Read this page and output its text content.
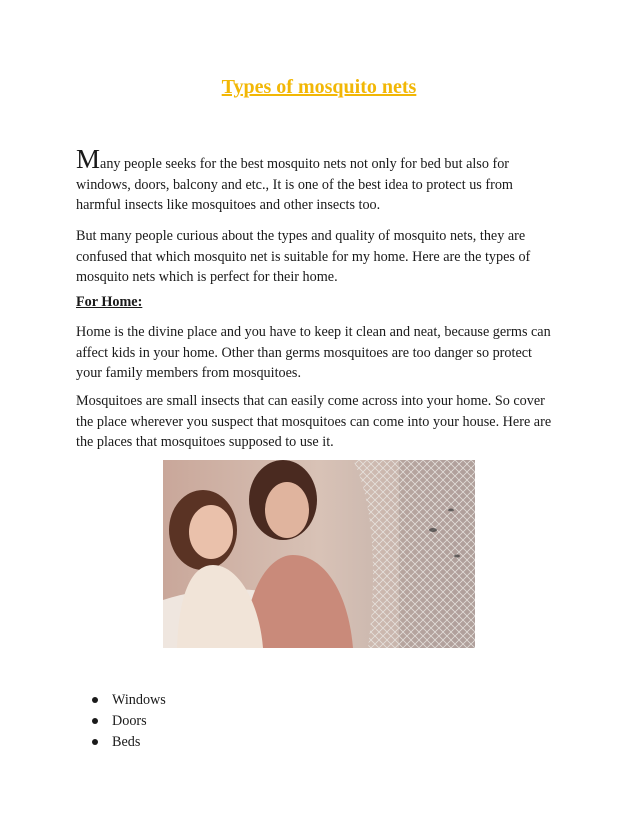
Types of mosquito nets
Many people seeks for the best mosquito nets not only for bed but also for windows, doors, balcony and etc., It is one of the best idea to protect us from harmful insects like mosquitoes and other insects too.
But many people curious about the types and quality of mosquito nets, they are confused that which mosquito net is suitable for my home. Here are the types of mosquito nets which is perfect for their home.
For Home:
Home is the divine place and you have to keep it clean and neat, because germs can affect kids in your home. Other than germs mosquitoes are too danger so protect your family members from mosquitoes.
Mosquitoes are small insects that can easily come across into your home. So cover the place wherever you suspect that mosquitoes can come into your house. Here are the places that mosquitoes supposed to use it.
Windows
Doors
Beds
